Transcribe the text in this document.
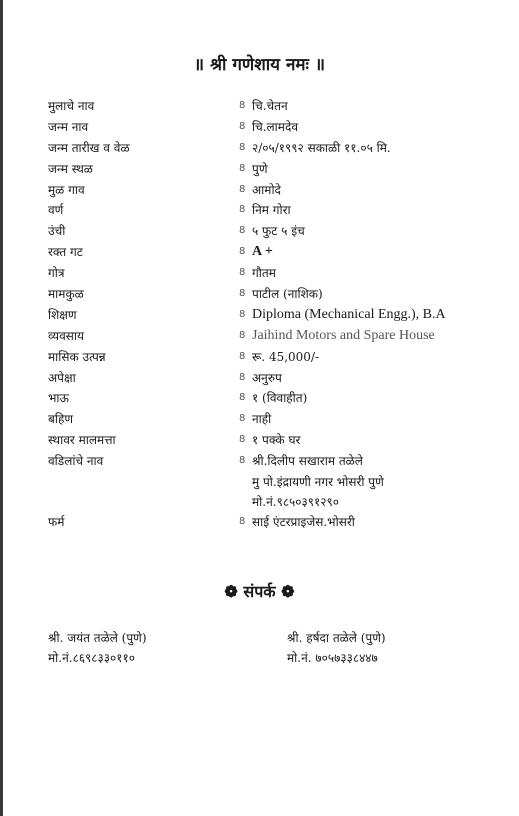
॥ श्री गणेशाय नमः ॥
मुलाचे नाव	8 चि.चेतन
जन्म नाव	8 चि.लामदेव
जन्म तारीख व वेळ	8 २/०५/१९९२ सकाळी ११.०५ मि.
जन्म स्थळ	8 पुणे
मुळ गाव	8 आमोदे
वर्ण	8 निम गोरा
उंची	8 ५ फुट ५ इंच
रक्त गट	8 A +
गोत्र	8 गौतम
मामकुळ	8 पाटील (नाशिक)
शिक्षण	8 Diploma (Mechanical Engg.), B.A
व्यवसाय	8 Jaihind Motors and Spare House
मासिक उत्पन्न	8 रू. 45,000/-
अपेक्षा	8 अनुरुप
भाऊ	8 १ (विवाहीत)
बहिण	8 नाही
स्थावर मालमत्ता	8 १ पक्के घर
वडिलांचे नाव	8 श्री.दिलीप सखाराम तळेले
मु पो.इंद्रायणी नगर भोसरी पुणे
मो.नं.९८५०३९१२९०
फर्म	8 साई एंटरप्राइजेस.भोसरी
❁ संपर्क ❁
श्री. जयंत तळेले (पुणे)
मो.नं.८६९८३३०११०
श्री. हर्षदा तळेले (पुणे)
मो.नं. ७०५७३३८४४७
